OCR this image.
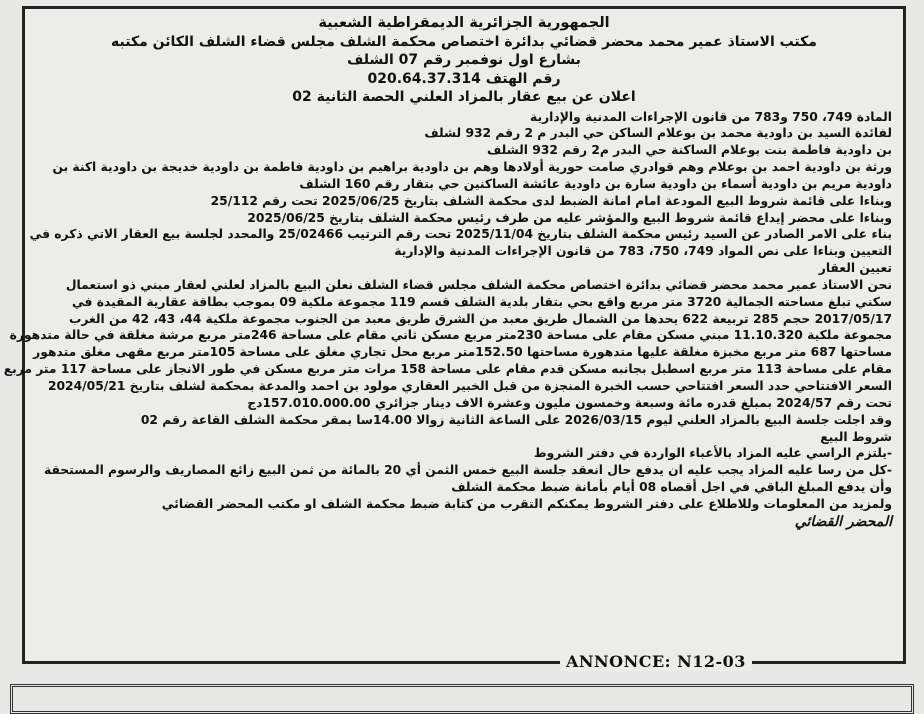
الجمهورية الجزائرية الديمقراطية الشعبية
مكتب الاستاذ عمير محمد محضر قضائي بدائرة اختصاص محكمة الشلف مجلس قضاء الشلف الكائن مكتبه
بشارع اول نوفمبر رقم 07 الشلف
رقم الهتف 020.64.37.314
اعلان عن بيع عقار بالمزاد العلني الحصة الثانية 02
المادة 749، 750 و783 من قانون الإجراءات المدنية والإدارية
لفائدة السيد بن داودية محمد بن بوعلام الساكن حي البدر م 2 رقم 932 لشلف
بن داودية فاطمة بنت بوعلام الساكنة حي البدر م2 رقم 932 الشلف
ورثة بن داودية احمد بن بوعلام وهم قوادري صامت حورية أولادها وهم بن داودية براهيم بن داودية فاطمة بن داودية خديجة بن داودية اكنة بن
داودية مريم بن داودية أسماء بن داودية سارة بن داودية عائشة الساكنين حي بتقار رقم 160 الشلف
وبناءا على قائمة شروط البيع المودعة امام امانة الضبط لدى محكمة الشلف بتاريخ 2025/06/25 تحت رقم 25/112
وبناءا على محضر إيداع قائمة شروط البيع والمؤشر عليه من طرف رئيس محكمة الشلف بتاريخ 2025/06/25
بناء على الامر الصادر عن السيد رئيس محكمة الشلف بتاريخ 2025/11/04 تحت رقم الترتيب 25/02466 والمحدد لجلسة بيع العقار الاتي ذكره في
التعيين وبناءا على نص المواد 749، 750، 783 من قانون الإجراءات المدنية والإدارية
تعيين العقار
نحن الاستاذ عمير محمد محضر قضائي بدائرة اختصاص محكمة الشلف مجلس قضاء الشلف نعلن البيع بالمزاد لعلني لعقار مبني ذو استعمال
سكني تبلغ مساحته الجمالية 3720 متر مربع واقع بحي بتقار بلدية الشلف قسم 119 مجموعة ملكية 09 بموجب بطاقة عقارية المقيدة في
2017/05/17 حجم 285 تربيعة 622 يحدها من الشمال طريق معبد من الشرق طريق معبد من الجنوب مجموعة ملكية 44، 43، 42 من الغرب
مجموعة ملكية 11.10.320 مبني مسكن مقام على مساحة 230متر مربع مسكن ثاني مقام على مساحة 246متر مربع مرشة مغلقة في حالة متدهورة
مساحتها 687 متر مربع مخبزة مغلقة عليها متدهورة مساحتها 152.50متر مربع محل تجاري مغلق على مساحة 105متر مربع مقهى مغلق متدهور
مقام على مساحة 113 متر مربع اسطبل بجانبه مسكن قدم مقام على مساحة 158 مرات متر مربع مسكن في طور الانجاز على مساحة 117 متر مربع
السعر الافتتاحي حدد السعر افتتاحي حسب الخبرة المنجزة من قبل الخبير العقاري مولود بن احمد والمدعة بمحكمة لشلف بتاريخ 2024/05/21
تحت رقم 2024/57 بمبلغ قدره مائة وسبعة وخمسون مليون وعشرة الاف دينار جزائري 157.010.000.00دج
وقد اجلت جلسة البيع بالمزاد العلني ليوم 2026/03/15 على الساعة الثانية زوالا 14.00سا بمقر محكمة الشلف القاعة رقم 02
شروط البيع
-يلتزم الراسي عليه المزاد بالأعباء الواردة في دفتر الشروط
-كل من رسا عليه المزاد يجب عليه ان يدفع حال انعقد جلسة البيع خمس الثمن أي 20 بالمائة من ثمن البيع زائع المصاريف والرسوم المستحقة
وأن يدفع المبلغ الباقي في اجل أقصاه 08 أيام بأمانة ضبط محكمة الشلف
ولمزيد من المعلومات وللاطلاع على دفتر الشروط يمكنكم التقرب من كتابة ضبط محكمة الشلف او مكتب المحضر القضائي
المحضر القضائي
ANNONCE: N12-03
